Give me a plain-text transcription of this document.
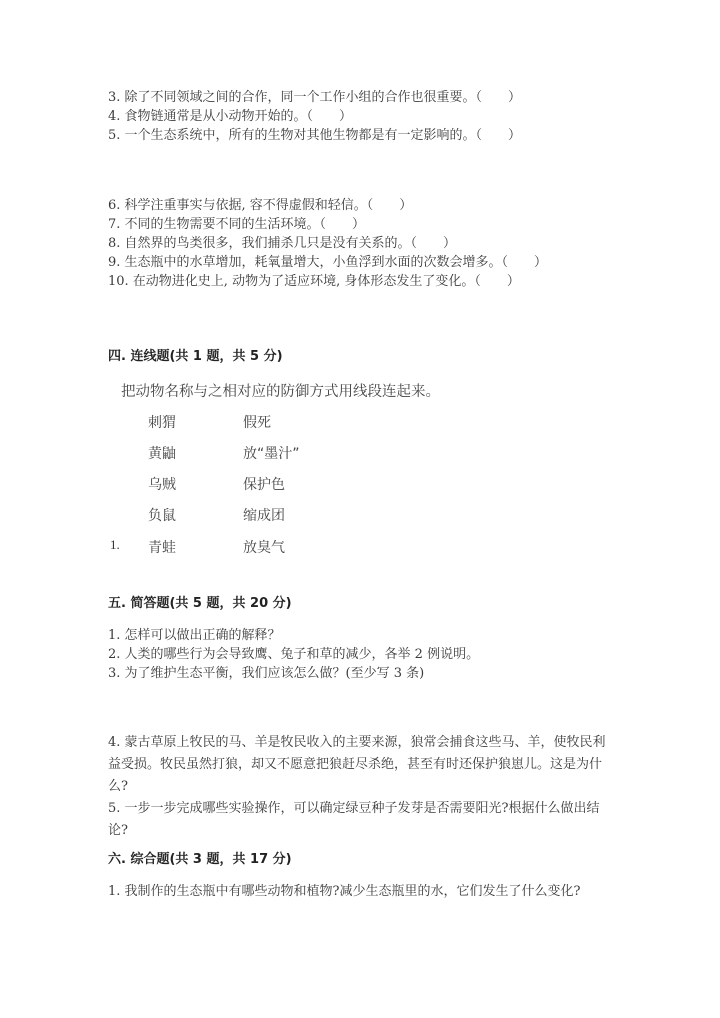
3. 除了不同领域之间的合作，同一个工作小组的合作也很重要。（　　）
4. 食物链通常是从小动物开始的。（　　）
5. 一个生态系统中，所有的生物对其他生物都是有一定影响的。（　　）
6. 科学注重事实与依据, 容不得虚假和轻信。（　　）
7. 不同的生物需要不同的生活环境。（　　）
8. 自然界的鸟类很多，我们捕杀几只是没有关系的。（　　）
9. 生态瓶中的水草增加，耗氧量增大，小鱼浮到水面的次数会增多。（　　）
10. 在动物进化史上, 动物为了适应环境, 身体形态发生了变化。（　　）
四. 连线题(共 1 题，共 5 分)
把动物名称与之相对应的防御方式用线段连起来。
刺猬
黄鼬
乌贼
负鼠
青蛙
假死
放“墨汁”
保护色
缩成团
放臭气
1.
五. 简答题(共 5 题，共 20 分)
1. 怎样可以做出正确的解释？
2. 人类的哪些行为会导致鹰、兔子和草的减少，各举 2 例说明。
3. 为了维护生态平衡，我们应该怎么做？(至少写 3 条)
4. 蒙古草原上牧民的马、羊是牧民收入的主要来源，狼常会捕食这些马、羊，使牧民利益受损。牧民虽然打狼，却又不愿意把狼赶尽杀绝，甚至有时还保护狼崽儿。这是为什么?
5. 一步一步完成哪些实验操作，可以确定绿豆种子发芽是否需要阳光?根据什么做出结论?
六. 综合题(共 3 题，共 17 分)
1. 我制作的生态瓶中有哪些动物和植物?减少生态瓶里的水，它们发生了什么变化?
